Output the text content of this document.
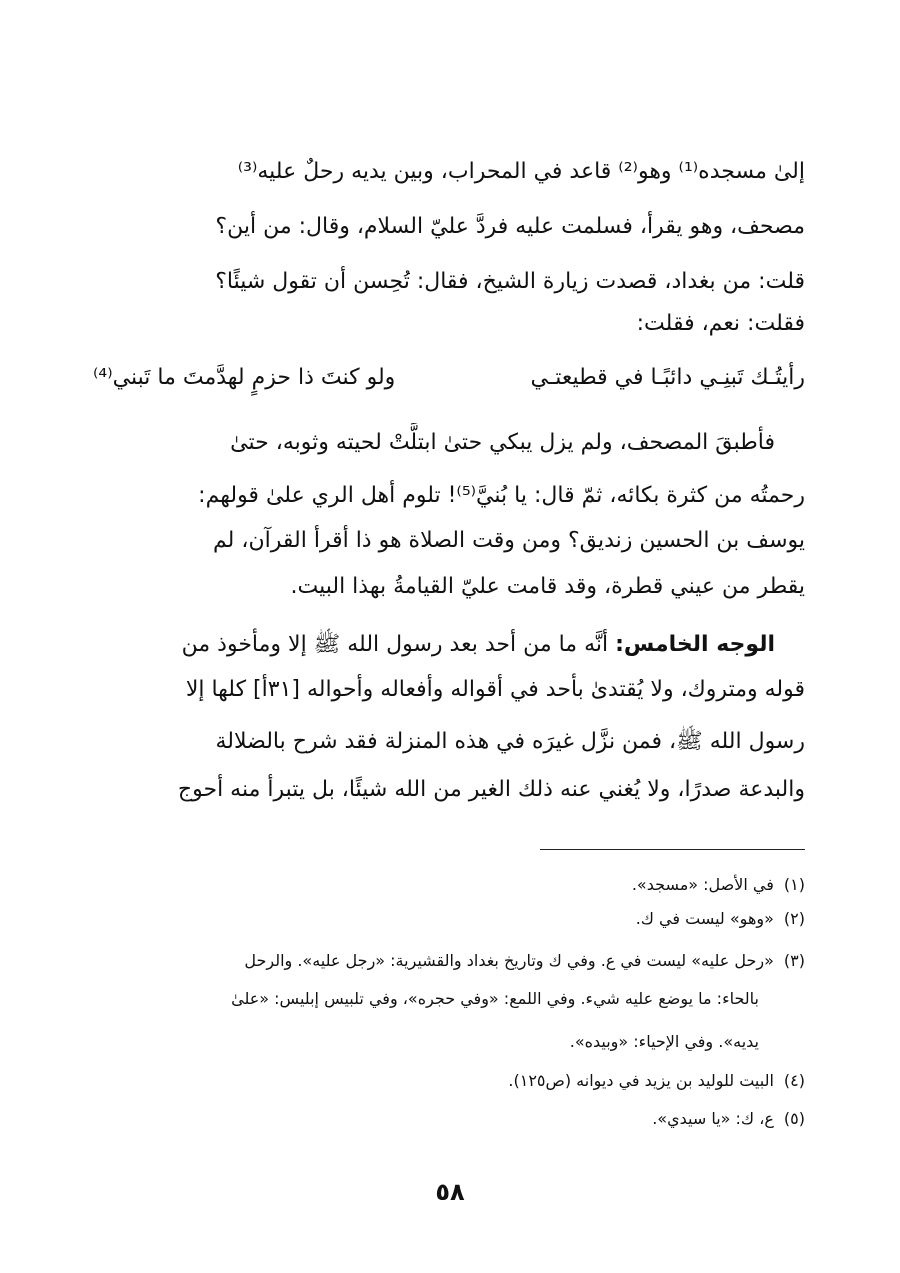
إلىٰ مسجده⁽¹⁾ وهو⁽²⁾ قاعد في المحراب، وبين يديه رحلٌ عليه⁽³⁾
مصحف، وهو يقرأ، فسلمت عليه فردَّ عليّ السلام، وقال: من أين؟
قلت: من بغداد، قصدت زيارة الشيخ، فقال: تُحِسن أن تقول شيئًا؟
فقلت: نعم، فقلت:
رأيتُـك تَبنِـي دائبًـا في قطيعتـي
ولو كنتَ ذا حزمٍ لهدَّمتَ ما تَبني⁽⁴⁾
فأطبقَ المصحف، ولم يزل يبكي حتىٰ ابتلَّتْ لحيته وثوبه، حتىٰ
رحمتُه من كثرة بكائه، ثمّ قال: يا بُنيَّ⁽⁵⁾! تلوم أهل الري علىٰ قولهم:
يوسف بن الحسين زنديق؟ ومن وقت الصلاة هو ذا أقرأ القرآن، لم
يقطر من عيني قطرة، وقد قامت عليّ القيامةُ بهذا البيت.
الوجه الخامس: أنَّه ما من أحد بعد رسول الله ﷺ إلا ومأخوذ من
قوله ومتروك، ولا يُقتدىٰ بأحد في أقواله وأفعاله وأحواله [٣١أ] كلها إلا
رسول الله ﷺ، فمن نزَّل غيرَه في هذه المنزلة فقد شرح بالضلالة
والبدعة صدرًا، ولا يُغني عنه ذلك الغير من الله شيئًا، بل يتبرأ منه أحوج
(١)في الأصل: «مسجد».
(٢)«وهو» ليست في ك.
(٣)«رحل عليه» ليست في ع. وفي ك وتاريخ بغداد والقشيرية: «رجل عليه». والرحل
بالحاء: ما يوضع عليه شيء. وفي اللمع: «وفي حجره»، وفي تلبيس إبليس: «علىٰ
يديه». وفي الإحياء: «وبيده».
(٤)البيت للوليد بن يزيد في ديوانه (ص١٢٥).
(٥)ع، ك: «يا سيدي».
٥٨
